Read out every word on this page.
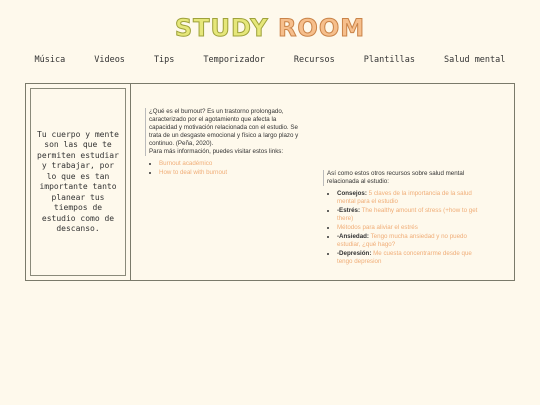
STUDY ROOM
Música	Videos	Tips	Temporizador	Recursos	Plantillas	Salud mental
Tu cuerpo y mente son las que te permiten estudiar y trabajar, por lo que es tan importante tanto planear tus tiempos de estudio como de descanso.
¿Qué es el burnout? Es un trastorno prolongado, caracterizado por el agotamiento que afecta la capacidad y motivación relacionada con el estudio. Se trata de un desgaste emocional y físico a largo plazo y continuo. (Peña, 2020).
Para más información, puedes visitar estos links:
• Burnout académico
• How to deal with burnout	Así como estos otros recursos sobre salud mental relacionada al estudio:
• Consejos: 5 claves de la importancia de la salud mental para el estudio
• -Estrés: The healthy amount of stress (+how to get there)
• Métodos para aliviar el estrés
• -Ansiedad: Tengo mucha ansiedad y no puedo estudiar, ¿qué hago?
• -Depresión: Me cuesta concentrarme desde que tengo depresion
